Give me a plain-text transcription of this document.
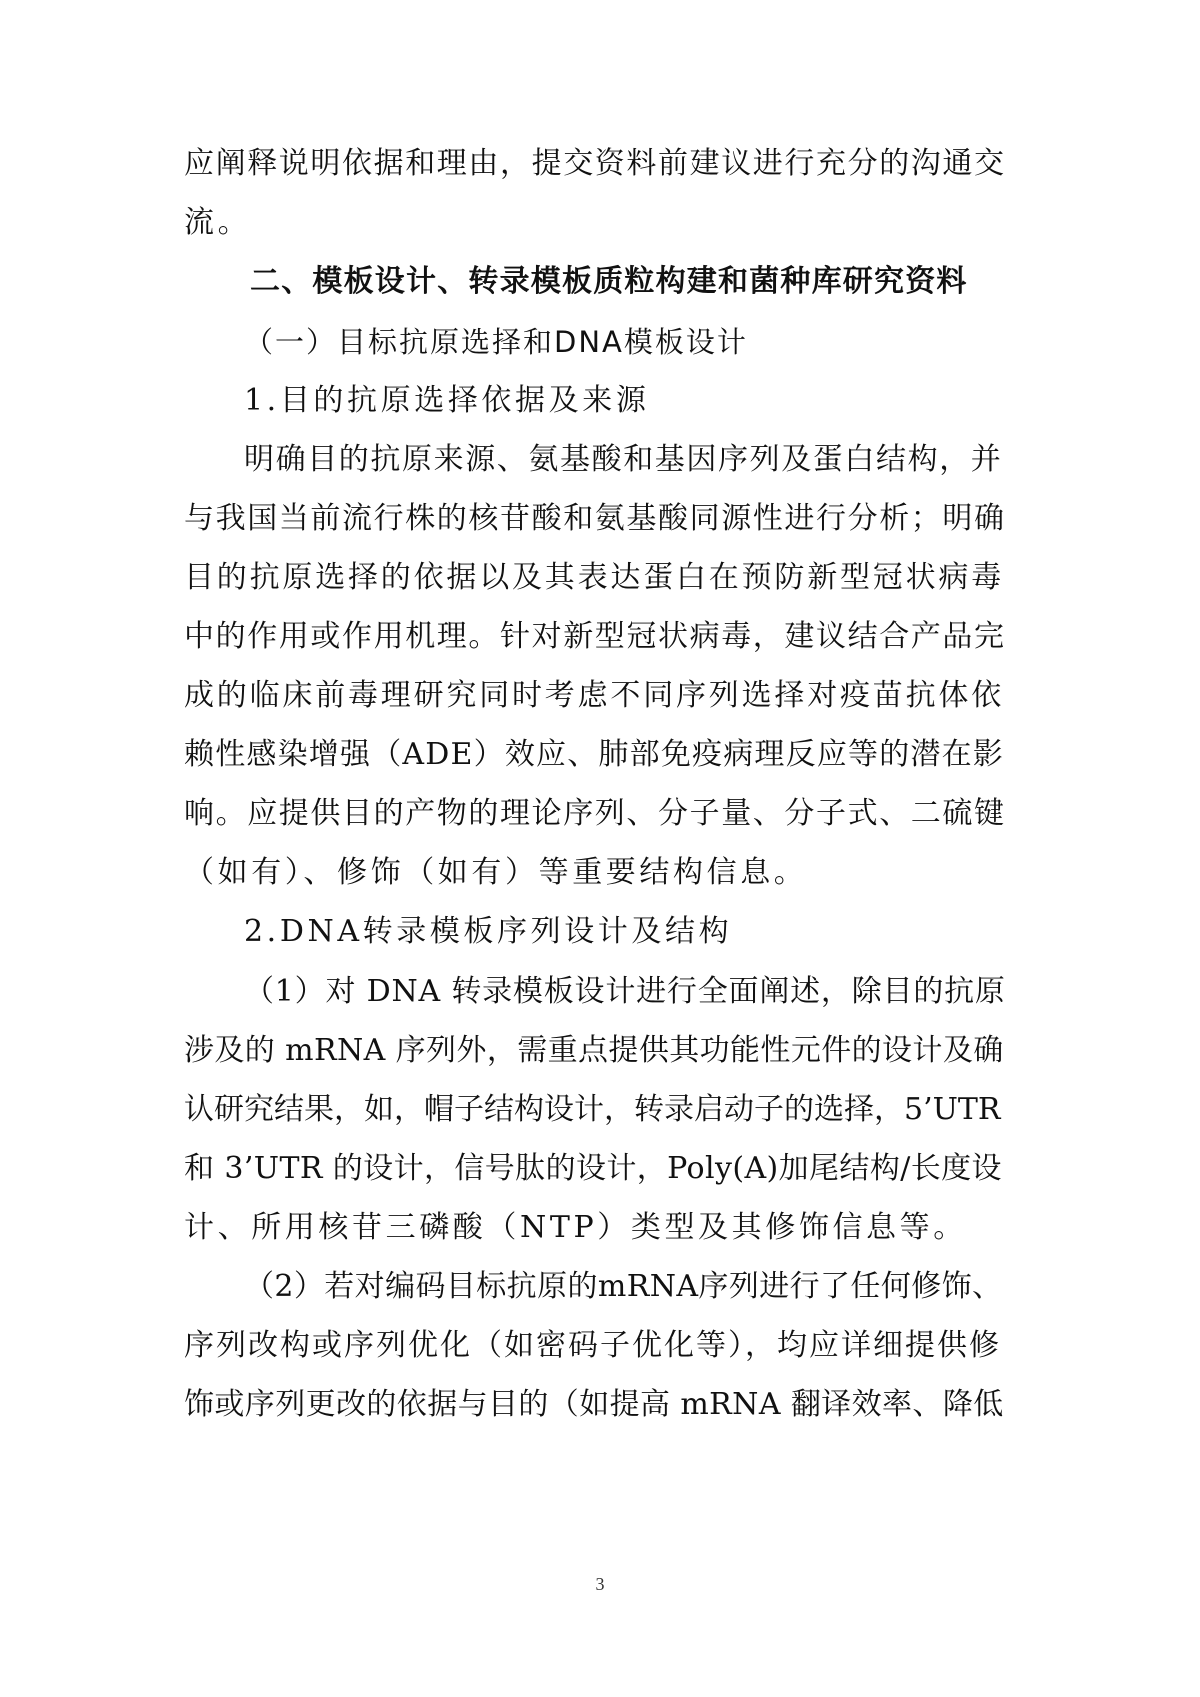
应阐释说明依据和理由，提交资料前建议进行充分的沟通交

流。

二、模板设计、转录模板质粒构建和菌种库研究资料
（一）目标抗原选择和DNA模板设计

1.目的抗原选择依据及来源

明确目的抗原来源、氨基酸和基因序列及蛋白结构，并

与我国当前流行株的核苷酸和氨基酸同源性进行分析；明确

目的抗原选择的依据以及其表达蛋白在预防新型冠状病毒

中的作用或作用机理。针对新型冠状病毒，建议结合产品完

成的临床前毒理研究同时考虑不同序列选择对疫苗抗体依

赖性感染增强（ADE）效应、肺部免疫病理反应等的潜在影

响。应提供目的产物的理论序列、分子量、分子式、二硫键

（如有）、修饰（如有）等重要结构信息。

2.DNA转录模板序列设计及结构

（1）对 DNA 转录模板设计进行全面阐述，除目的抗原

涉及的 mRNA 序列外，需重点提供其功能性元件的设计及确

认研究结果，如，帽子结构设计，转录启动子的选择，5’UTR

和 3’UTR 的设计，信号肽的设计，Poly(A)加尾结构/长度设

计、所用核苷三磷酸（NTP）类型及其修饰信息等。

（2）若对编码目标抗原的mRNA序列进行了任何修饰、

序列改构或序列优化（如密码子优化等），均应详细提供修

饰或序列更改的依据与目的（如提高 mRNA 翻译效率、降低

3
